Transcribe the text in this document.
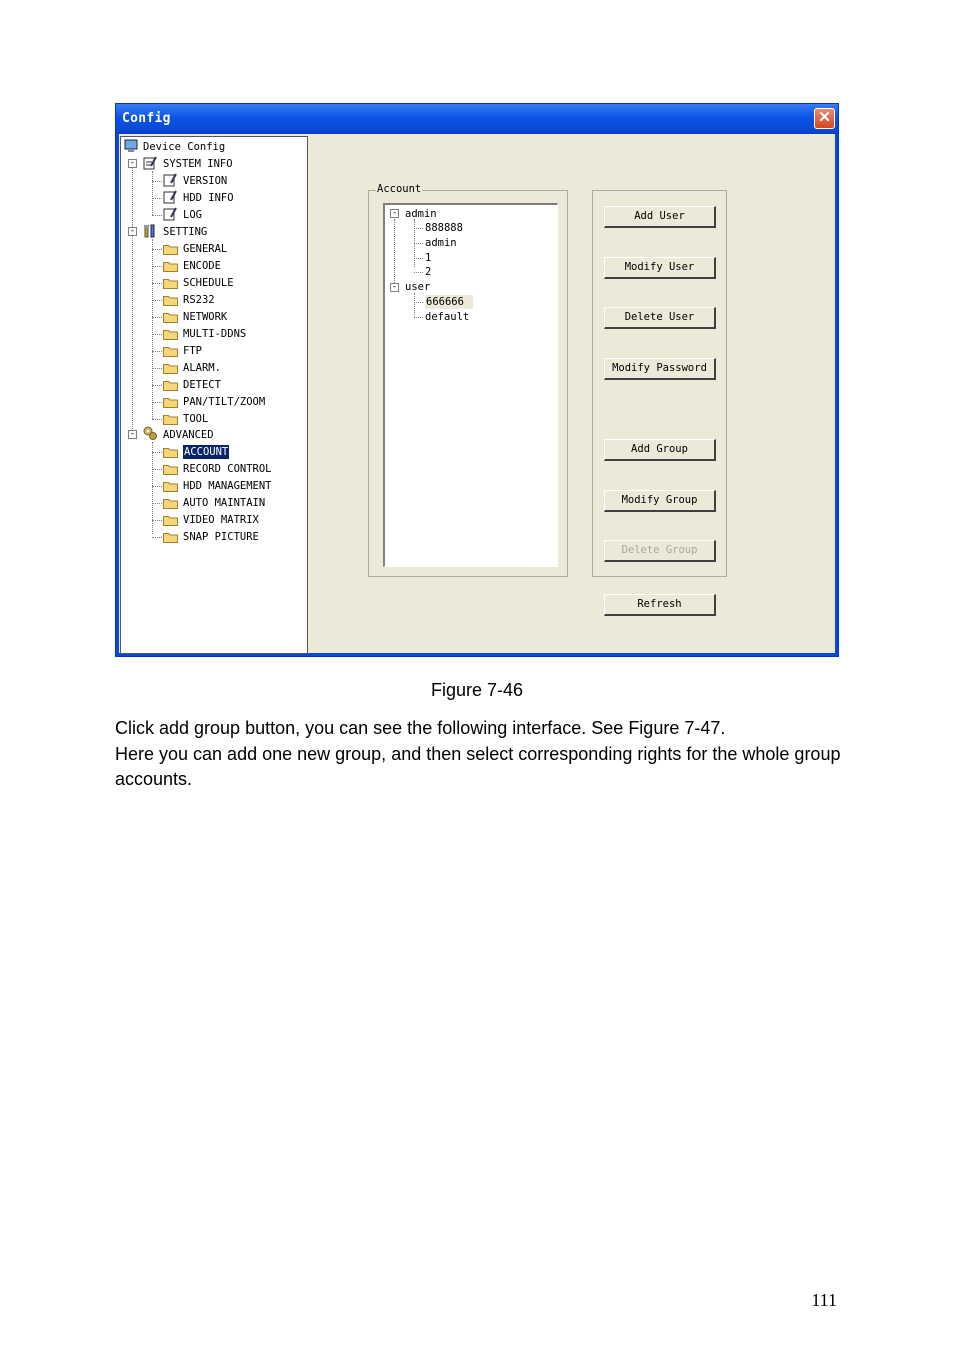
Config	✕
Device Config
-	SYSTEM INFO
VERSION
HDD INFO
LOG
-	SETTING
-	ADVANCED
GENERAL
ENCODE
SCHEDULE
RS232
NETWORK
MULTI-DDNS
FTP
ALARM.
DETECT
PAN/TILT/ZOOM
TOOL
ACCOUNT
RECORD CONTROL
HDD MANAGEMENT
AUTO MAINTAIN
VIDEO MATRIX
SNAP PICTURE
Account
- admin
888888
admin
1
2
- user
666666
default
Add User
Modify User
Delete User
Modify Password
Add Group
Modify Group
Delete Group
Refresh
Figure 7-46
Click add group button, you can see the following interface. See Figure 7-47.
Here you can add one new group, and then select corresponding rights for the whole group accounts.
111
